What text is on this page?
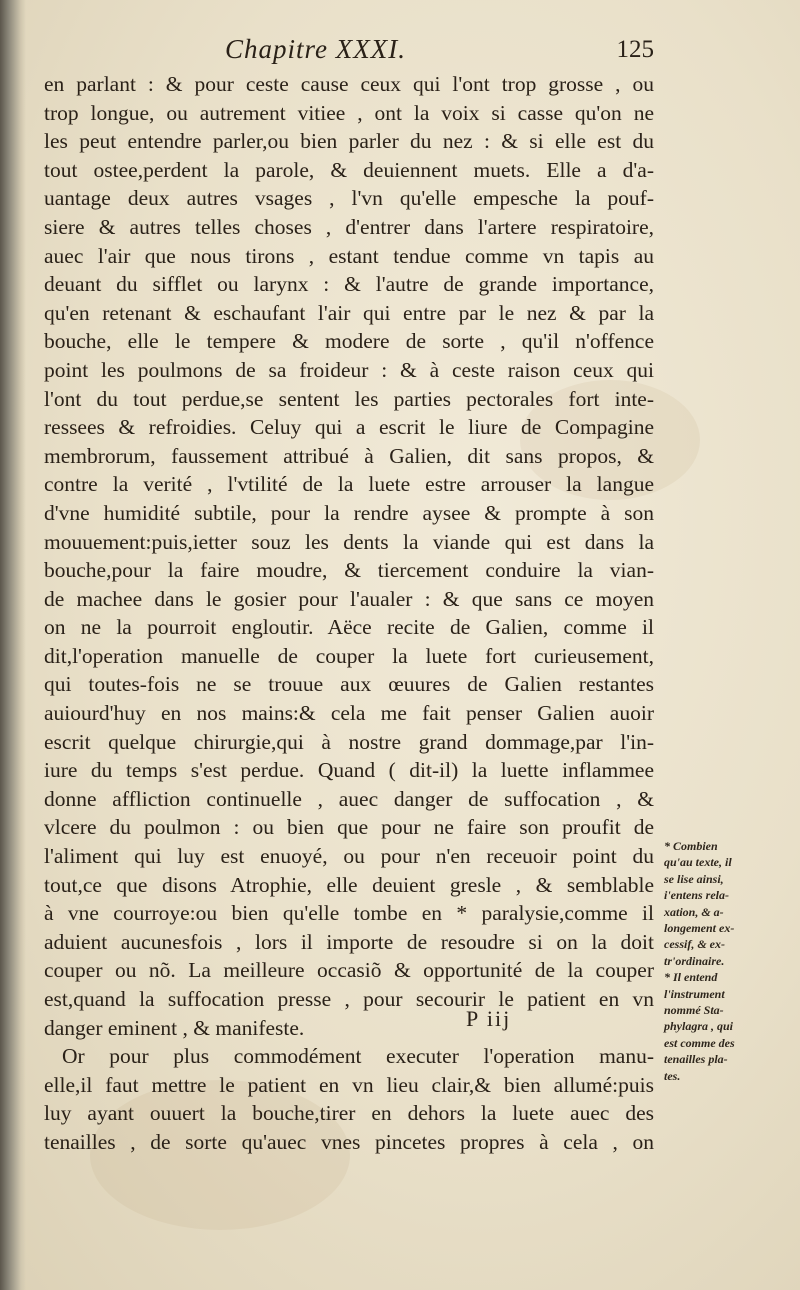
Chapitre XXXI.	125
en parlant : & pour ceste cause ceux qui l'ont trop grosse , ou
trop longue, ou autrement vitiee , ont la voix si casse qu'on ne
les peut entendre parler,ou bien parler du nez : & si elle est du
tout ostee,perdent la parole, & deuiennent muets. Elle a d'a-
uantage deux autres vsages , l'vn qu'elle empesche la pouf-
siere & autres telles choses , d'entrer dans l'artere respiratoire,
auec l'air que nous tirons , estant tendue comme vn tapis au
deuant du sifflet ou larynx : & l'autre de grande importance,
qu'en retenant & eschaufant l'air qui entre par le nez & par la
bouche, elle le tempere & modere de sorte , qu'il n'offence
point les poulmons de sa froideur : & à ceste raison ceux qui
l'ont du tout perdue,se sentent les parties pectorales fort inte-
ressees & refroidies. Celuy qui a escrit le liure de Compagine
membrorum, faussement attribué à Galien, dit sans propos, &
contre la verité , l'vtilité de la luete estre arrouser la langue
d'vne humidité subtile, pour la rendre aysee & prompte à son
mouuement:puis,ietter souz les dents la viande qui est dans la
bouche,pour la faire moudre, & tiercement conduire la vian-
de machee dans le gosier pour l'aualer : & que sans ce moyen
on ne la pourroit engloutir. Aëce recite de Galien, comme il
dit,l'operation manuelle de couper la luete fort curieusement,
qui toutes-fois ne se trouue aux œuures de Galien restantes
auiourd'huy en nos mains:& cela me fait penser Galien auoir
escrit quelque chirurgie,qui à nostre grand dommage,par l'in-
iure du temps s'est perdue. Quand ( dit-il) la luette inflammee
donne affliction continuelle , auec danger de suffocation , &
vlcere du poulmon : ou bien que pour ne faire son proufit de
l'aliment qui luy est enuoyé, ou pour n'en receuoir point du
tout,ce que disons Atrophie, elle deuient gresle , & semblable
à vne courroye:ou bien qu'elle tombe en * paralysie,comme il
aduient aucunesfois , lors il importe de resoudre si on la doit
couper ou nõ. La meilleure occasiõ & opportunité de la couper
est,quand la suffocation presse , pour secourir le patient en vn
danger eminent , & manifeste.
Or pour plus commodément executer l'operation manu-
elle,il faut mettre le patient en vn lieu clair,& bien allumé:puis
luy ayant ouuert la bouche,tirer en dehors la luete auec des
tenailles , de sorte qu'auec vnes pincetes propres à cela , on
* Combien
qu'au texte, il
se lise ainsi,
i'entens rela-
xation, & a-
longement ex-
cessif, & ex-
tr'ordinaire.
* Il entend
l'instrument
nommé Sta-
phylagra , qui
est comme des
tenailles pla-
tes.
P iij
